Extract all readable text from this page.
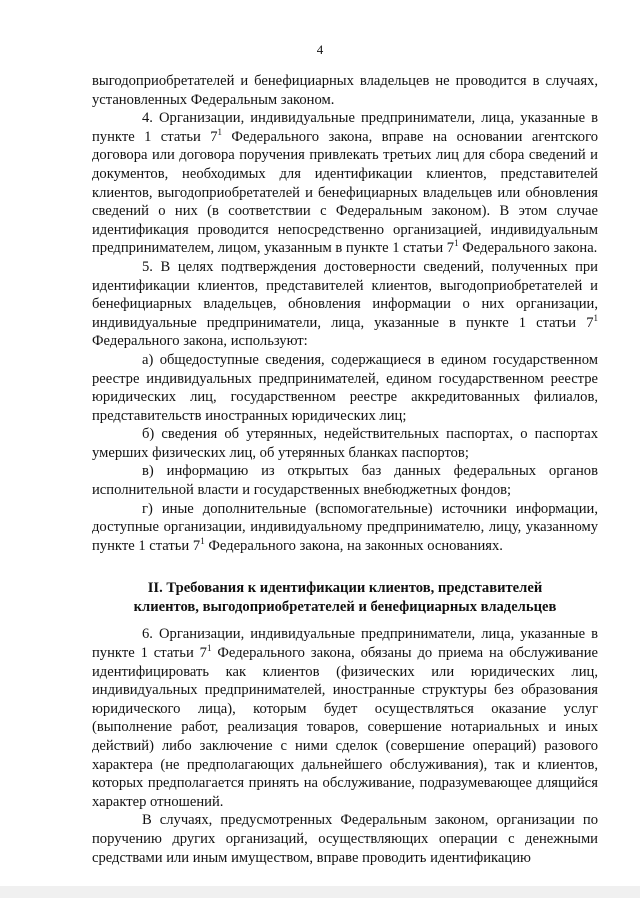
4

выгодоприобретателей и бенефициарных владельцев не проводится в случаях, установленных Федеральным законом.

4. Организации, индивидуальные предприниматели, лица, указанные в пункте 1 статьи $7^1$ Федерального закона, вправе на основании агентского договора или договора поручения привлекать третьих лиц для сбора сведений и документов, необходимых для идентификации клиентов, представителей клиентов, выгодоприобретателей и бенефициарных владельцев или обновления сведений о них (в соответствии с Федеральным законом). В этом случае идентификация проводится непосредственно организацией, индивидуальным предпринимателем, лицом, указанным в пункте 1 статьи $7^1$ Федерального закона.

5. В целях подтверждения достоверности сведений, полученных при идентификации клиентов, представителей клиентов, выгодоприобретателей и бенефициарных владельцев, обновления информации о них организации, индивидуальные предприниматели, лица, указанные в пункте 1 статьи $7^1$ Федерального закона, используют:

а) общедоступные сведения, содержащиеся в едином государственном реестре индивидуальных предпринимателей, едином государственном реестре юридических лиц, государственном реестре аккредитованных филиалов, представительств иностранных юридических лиц;

б) сведения об утерянных, недействительных паспортах, о паспортах умерших физических лиц, об утерянных бланках паспортов;

в) информацию из открытых баз данных федеральных органов исполнительной власти и государственных внебюджетных фондов;

г) иные дополнительные (вспомогательные) источники информации, доступные организации, индивидуальному предпринимателю, лицу, указанному пункте 1 статьи $7^1$ Федерального закона, на законных основаниях.

II. Требования к идентификации клиентов, представителей
клиентов, выгодоприобретателей и бенефициарных владельцев

6. Организации, индивидуальные предприниматели, лица, указанные в пункте 1 статьи $7^1$ Федерального закона, обязаны до приема на обслуживание идентифицировать как клиентов (физических или юридических лиц, индивидуальных предпринимателей, иностранные структуры без образования юридического лица), которым будет осуществляться оказание услуг (выполнение работ, реализация товаров, совершение нотариальных и иных действий) либо заключение с ними сделок (совершение операций) разового характера (не предполагающих дальнейшего обслуживания), так и клиентов, которых предполагается принять на обслуживание, подразумевающее длящийся характер отношений.

В случаях, предусмотренных Федеральным законом, организации по поручению других организаций, осуществляющих операции с денежными средствами или иным имуществом, вправе проводить идентификацию
